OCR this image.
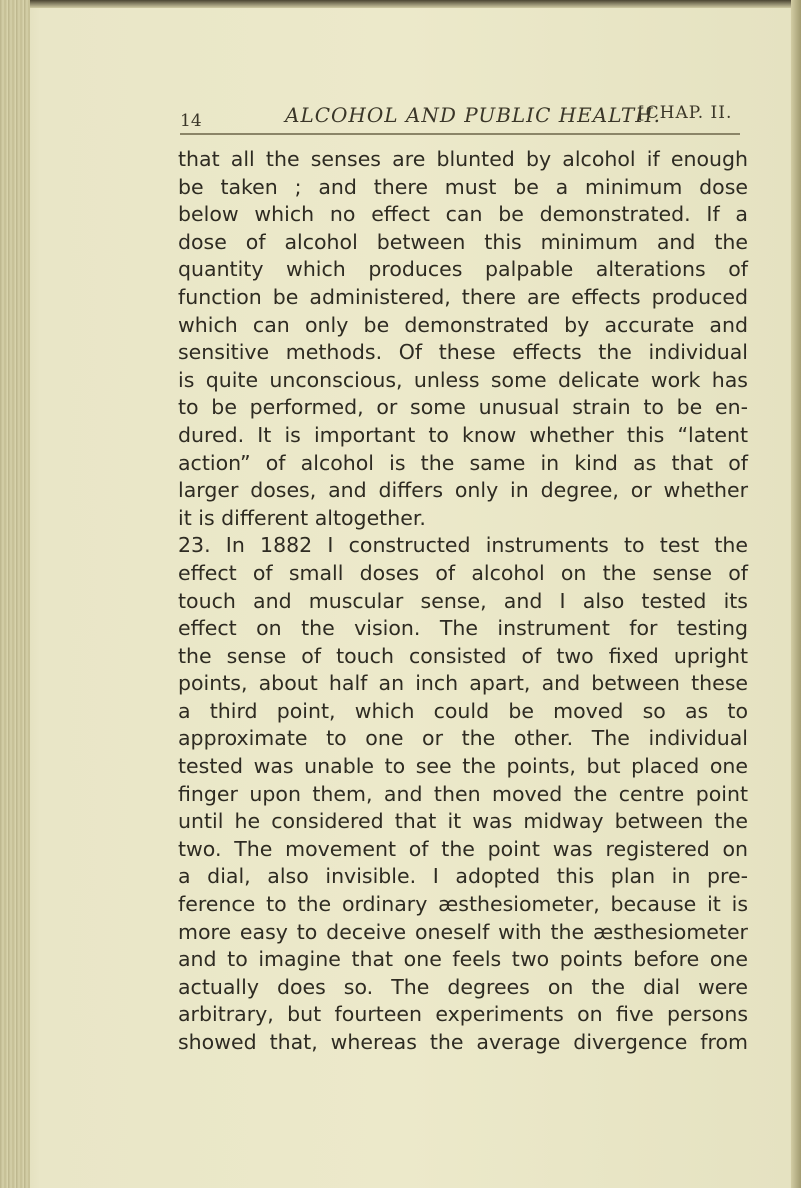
14	ALCOHOL AND PUBLIC HEALTH.
[CHAP. II.
that all the senses are blunted by alcohol if enough
be taken ; and there must be a minimum dose
below which no effect can be demonstrated. If a
dose of alcohol between this minimum and the
quantity which produces palpable alterations of
function be administered, there are effects produced
which can only be demonstrated by accurate and
sensitive methods. Of these effects the individual
is quite unconscious, unless some delicate work has
to be performed, or some unusual strain to be en-
dured. It is important to know whether this “latent
action” of alcohol is the same in kind as that of
larger doses, and differs only in degree, or whether
it is different altogether.
23. In 1882 I constructed instruments to test the
effect of small doses of alcohol on the sense of
touch and muscular sense, and I also tested its
effect on the vision. The instrument for testing
the sense of touch consisted of two fixed upright
points, about half an inch apart, and between these
a third point, which could be moved so as to
approximate to one or the other. The individual
tested was unable to see the points, but placed one
finger upon them, and then moved the centre point
until he considered that it was midway between the
two. The movement of the point was registered on
a dial, also invisible. I adopted this plan in pre-
ference to the ordinary æsthesiometer, because it is
more easy to deceive oneself with the æsthesiometer
and to imagine that one feels two points before one
actually does so. The degrees on the dial were
arbitrary, but fourteen experiments on five persons
showed that, whereas the average divergence from
